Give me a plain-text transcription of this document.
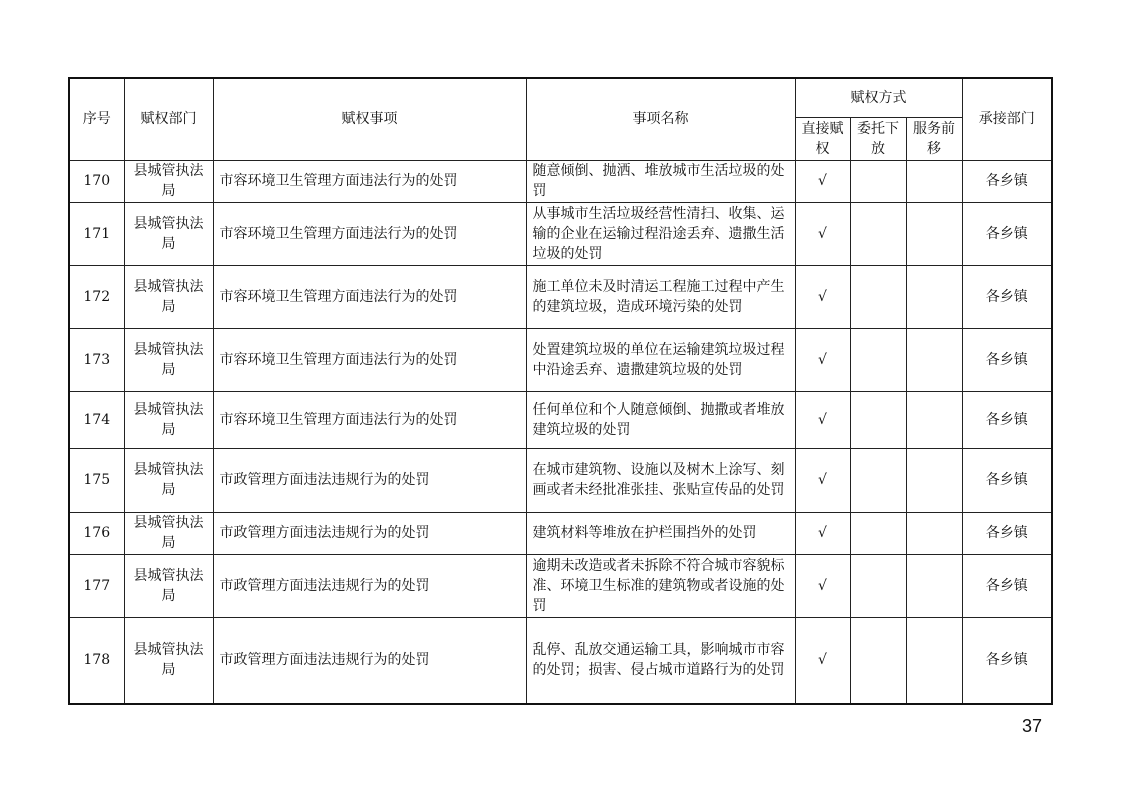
序号	赋权部门	赋权事项	事项名称	赋权方式			承接部门
				直接赋权	委托下放	服务前移	
170	县城管执法局	市容环境卫生管理方面违法行为的处罚	随意倾倒、抛洒、堆放城市生活垃圾的处罚	√			各乡镇
171	县城管执法局	市容环境卫生管理方面违法行为的处罚	从事城市生活垃圾经营性清扫、收集、运输的企业在运输过程沿途丢弃、遗撒生活垃圾的处罚	√			各乡镇
172	县城管执法局	市容环境卫生管理方面违法行为的处罚	施工单位未及时清运工程施工过程中产生的建筑垃圾，造成环境污染的处罚	√			各乡镇
173	县城管执法局	市容环境卫生管理方面违法行为的处罚	处置建筑垃圾的单位在运输建筑垃圾过程中沿途丢弃、遗撒建筑垃圾的处罚	√			各乡镇
174	县城管执法局	市容环境卫生管理方面违法行为的处罚	任何单位和个人随意倾倒、抛撒或者堆放建筑垃圾的处罚	√			各乡镇
175	县城管执法局	市政管理方面违法违规行为的处罚	在城市建筑物、设施以及树木上涂写、刻画或者未经批准张挂、张贴宣传品的处罚	√			各乡镇
176	县城管执法局	市政管理方面违法违规行为的处罚	建筑材料等堆放在护栏围挡外的处罚	√			各乡镇
177	县城管执法局	市政管理方面违法违规行为的处罚	逾期未改造或者未拆除不符合城市容貌标准、环境卫生标准的建筑物或者设施的处罚	√			各乡镇
178	县城管执法局	市政管理方面违法违规行为的处罚	乱停、乱放交通运输工具，影响城市市容的处罚；损害、侵占城市道路行为的处罚	√			各乡镇
37
